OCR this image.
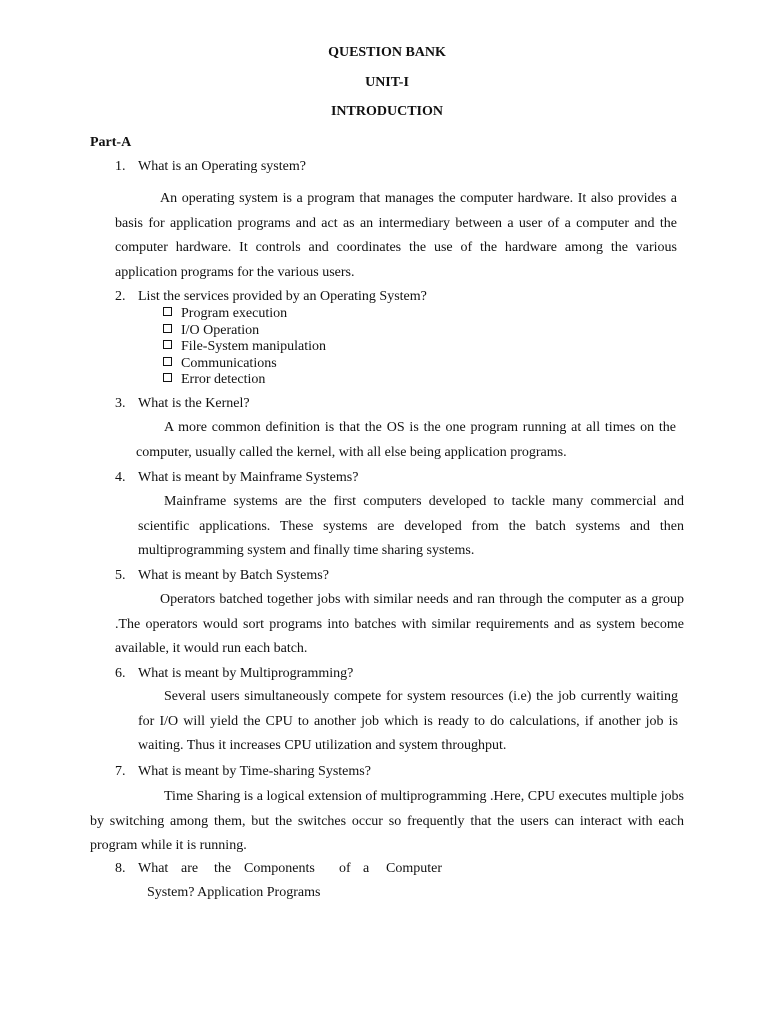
QUESTION BANK
UNIT-I
INTRODUCTION
Part-A
1. What is an Operating system?
An operating system is a program that manages the computer hardware. It also provides a basis for application programs and act as an intermediary between a user of a computer and the computer hardware. It controls and coordinates the use of the hardware among the various application programs for the various users.
2. List the services provided by an Operating System?
Program execution
I/O Operation
File-System manipulation
Communications
Error detection
3. What is the Kernel?
A more common definition is that the OS is the one program running at all times on the computer, usually called the kernel, with all else being application programs.
4. What is meant by Mainframe Systems?
Mainframe systems are the first computers developed to tackle many commercial and scientific applications. These systems are developed from the batch systems and then multiprogramming system and finally time sharing systems.
5. What is meant by Batch Systems?
Operators batched together jobs with similar needs and ran through the computer as a group .The operators would sort programs into batches with similar requirements and as system become available, it would run each batch.
6. What is meant by Multiprogramming?
Several users simultaneously compete for system resources (i.e) the job currently waiting for I/O will yield the CPU to another job which is ready to do calculations, if another job is waiting. Thus it increases CPU utilization and system throughput.
7. What is meant by Time-sharing Systems?
Time Sharing is a logical extension of multiprogramming .Here, CPU executes multiple jobs by switching among them, but the switches occur so frequently that the users can interact with each program while it is running.
8. What are the Components of a Computer
System? Application Programs
